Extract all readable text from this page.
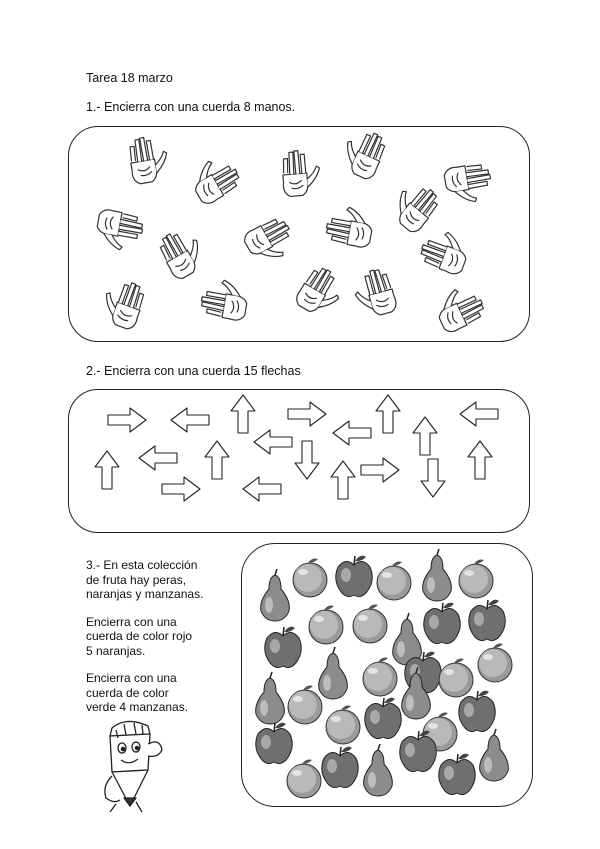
Tarea 18 marzo
1.- Encierra con una cuerda 8 manos.
2.- Encierra con una cuerda 15 flechas
3.- En esta colección
de fruta hay peras,
naranjas y manzanas.
Encierra con una
cuerda de color rojo
5 naranjas.
Encierra con una
cuerda de color
verde 4 manzanas.
